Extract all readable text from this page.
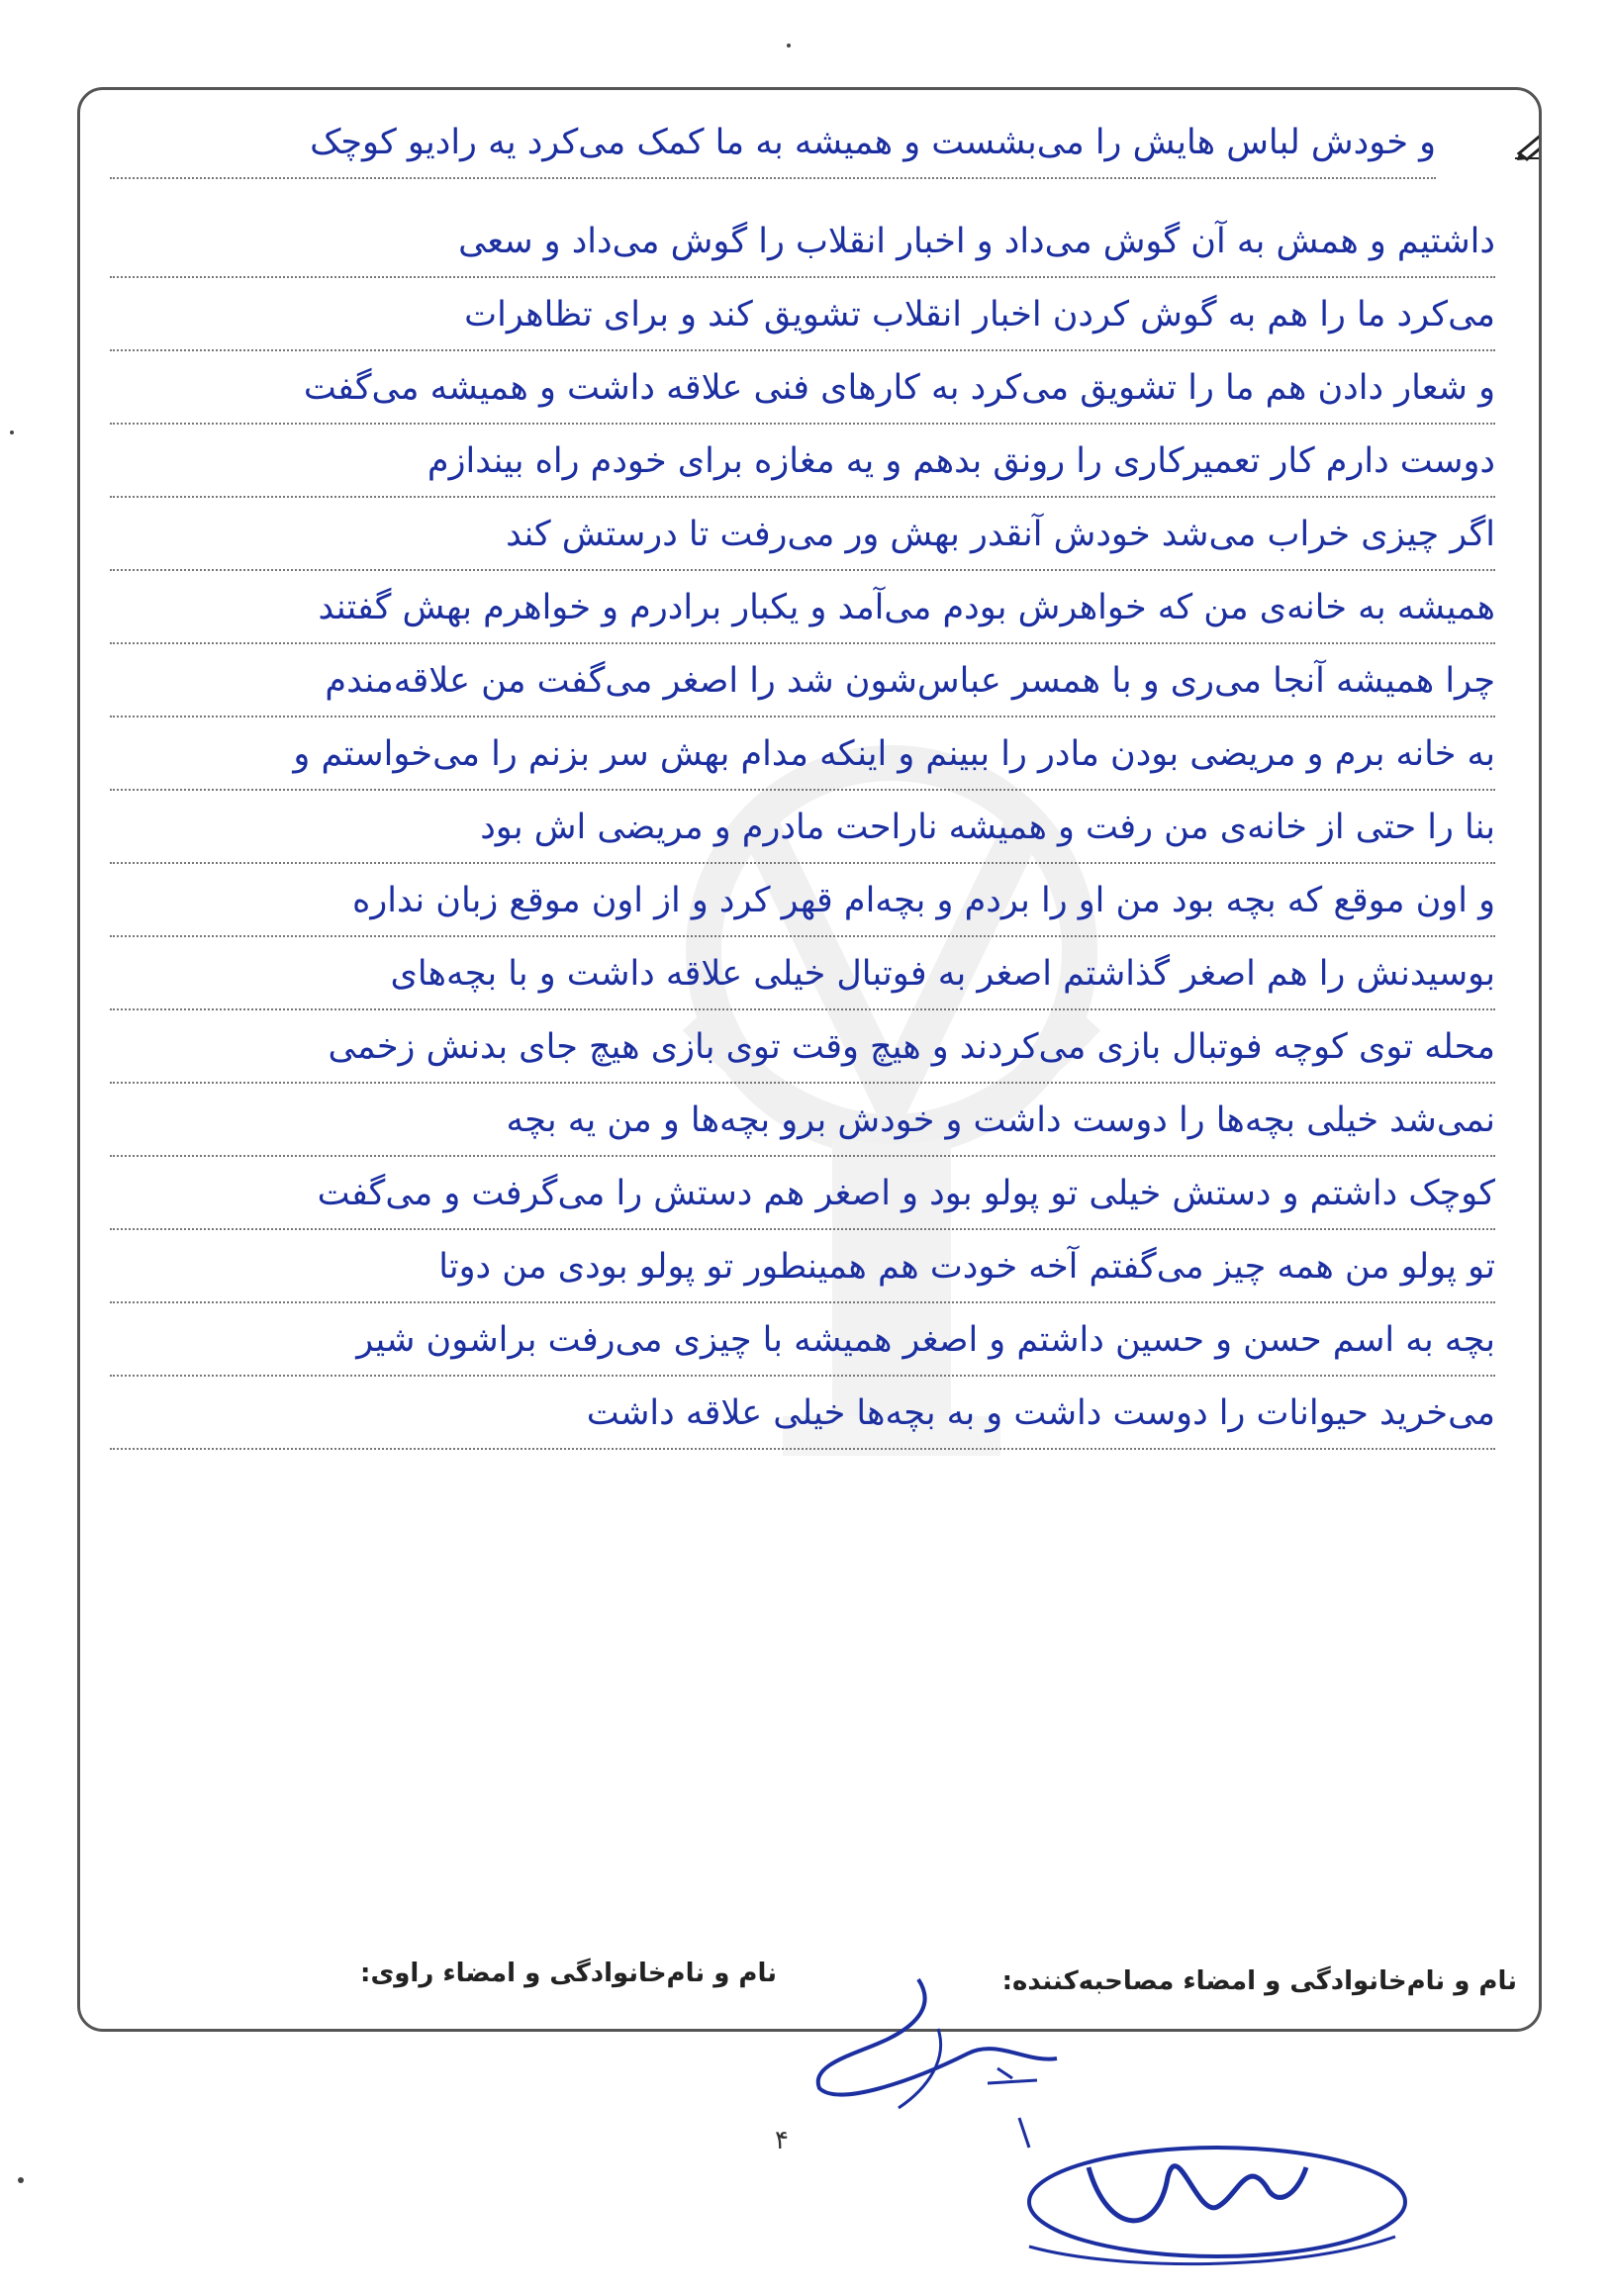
و خودش لباس هایش را می‌بشست و همیشه به ما کمک می‌کرد یه رادیو کوچک
داشتیم و همش به آن گوش می‌داد و اخبار انقلاب را گوش می‌داد و سعی
می‌کرد ما را هم به گوش کردن اخبار انقلاب تشویق کند و برای تظاهرات
و شعار دادن هم ما را تشویق می‌کرد به کارهای فنی علاقه داشت و همیشه می‌گفت
دوست دارم کار تعمیرکاری را رونق بدهم و یه مغازه برای خودم راه بیندازم
اگر چیزی خراب می‌شد خودش آنقدر بهش ور می‌رفت تا درستش کند
همیشه به خانه‌ی من که خواهرش بودم می‌آمد و یکبار برادرم و خواهرم بهش گفتند
چرا همیشه آنجا می‌ری و با همسر عباس‌شون شد را اصغر می‌گفت من علاقه‌مندم
به خانه برم و مریضی بودن مادر را ببینم و اینکه مدام بهش سر بزنم را می‌خواستم و
بنا را حتی از خانه‌ی من رفت و همیشه ناراحت مادرم و مریضی اش بود
و اون موقع که بچه بود من او را بردم و بچه‌ام قهر کرد و از اون موقع زبان نداره
بوسیدنش را هم اصغر گذاشتم اصغر به فوتبال خیلی علاقه داشت و با بچه‌های
محله توی کوچه فوتبال بازی می‌کردند و هیچ وقت توی بازی هیچ جای بدنش زخمی
نمی‌شد خیلی بچه‌ها را دوست داشت و خودش برو بچه‌ها و من یه بچه
کوچک داشتم و دستش خیلی تو پولو بود و اصغر هم دستش را می‌گرفت و می‌گفت
تو پولو من همه چیز می‌گفتم آخه خودت هم همینطور تو پولو بودی من دوتا
بچه به اسم حسن و حسین داشتم و اصغر همیشه با چیزی می‌رفت براشون شیر
می‌خرید حیوانات را دوست داشت و به بچه‌ها خیلی علاقه داشت
نام و نام‌خانوادگی و امضاء مصاحبه‌کننده:
نام و نام‌خانوادگی و امضاء راوی:
۴
